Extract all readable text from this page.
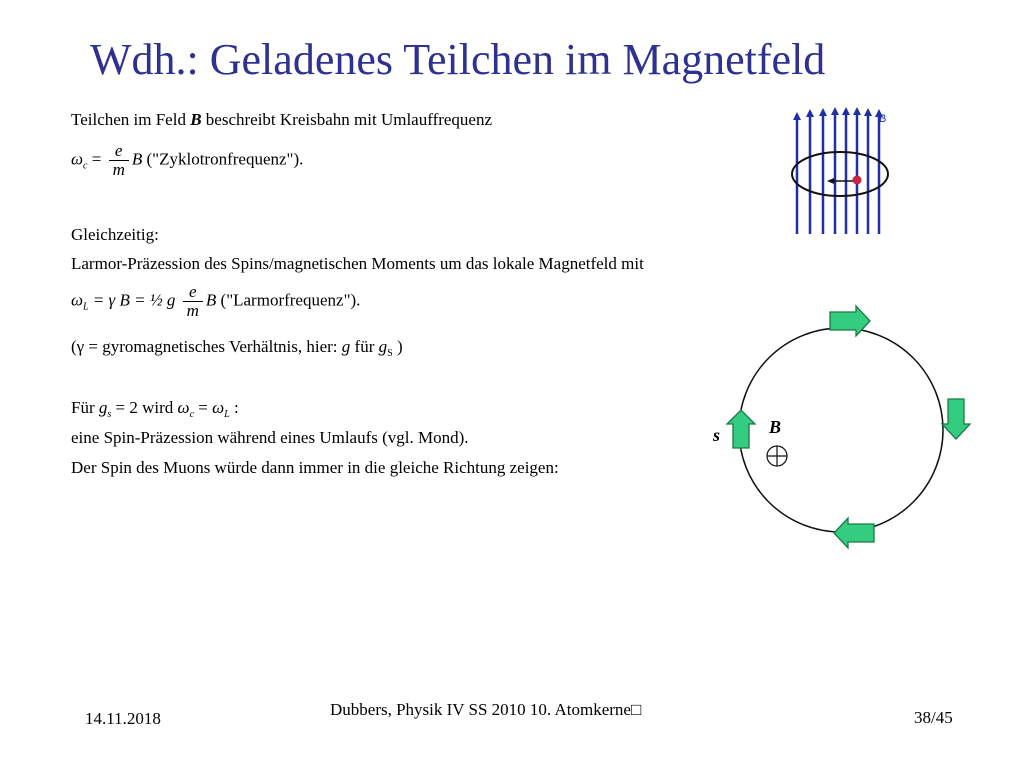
Wdh.: Geladenes Teilchen im Magnetfeld
Teilchen im Feld B beschreibt Kreisbahn mit Umlauffrequenz
$\omega_c = \frac{e}{m}$ B ("Zyklotronfrequenz").
Gleichzeitig:
Larmor-Präzession des Spins/magnetischen Moments um das lokale Magnetfeld mit
$\omega_L = \gamma$ B = ½ g $\frac{e}{m}$ B ("Larmorfrequenz").
(γ = gyromagnetisches Verhältnis, hier: g für $g_S$ )
Für $g_s = 2$ wird $\omega_c = \omega_L$ :
eine Spin-Präzession während eines Umlaufs (vgl. Mond).
Der Spin des Muons würde dann immer in die gleiche Richtung zeigen:
.
B
s	B
14.11.2018	Dubbers, Physik IV SS 2010 10. Atomkerne□	38/45
